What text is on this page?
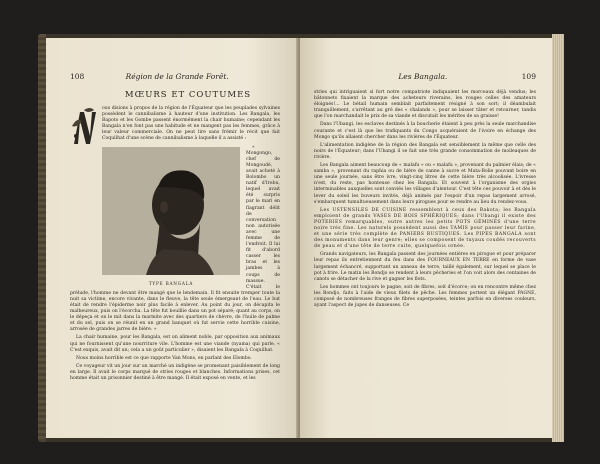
108	Région de la Grande Forêt.
MŒURS ET COUTUMES

ous disions à propos de la région de l'Équateur que les peuplades sylvaines possèdent le cannibalisme à hauteur d'une institution. Les Bangala, les Bapoto et les Gombe passent énormément la chair humaine; cependant les Bangala n'en font pas une habitude et ne mangent pas les femmes, grâce à leur valeur commerciale. On ne peut lire sans frémir le récit que fait Coquilhat d'une scène de cannibalisme à laquelle il a assisté :

TYPE BANGALA

« Mongongo, chef de Mongoudé, avait acheté à Bolombo un natif d'Irebu, lequel avait été surpris par le mari en flagrant délit de conversation non autorisée avec une femme de l'endroit. Il lui fit d'abord casser les bras et les jambes à coups de massue. C'était le prélude, l'homme ne devant être mangé que le lendemain. Il fit ensuite tremper toute la nuit sa victime, encore vivante, dans le fleuve, la tête seule émergeant de l'eau. Le but était de rendre l'épiderme noir plus facile à enlever. Au point du jour, on décapita le malheureux, puis on l'écorcha. La tête fut bouillie dans un pot séparé; quant au corps, on le dépeça et on le mit dans la marmite avec des quartiers de chèvre, de l'huile de palme et du sel, puis on se réunit en un grand banquet où fut servie cette horrible cuisine, arrosée de grandes jarres de bière. »

La chair humaine, pour les Bangala, est un aliment noble, par opposition aux animaux qui ne fournissent qu'une nourriture vile. L'homme est une viande (nyama) qui parle, « C'est exquis, avait dit un; cela a un goût particulier », disaient les Bangala à Coquilhat.

Nous moins horrible est ce que rapporte Van Mons, en parlant des Elombo.

Ce voyageur vit un jour sur un marché un indigène se promenant paisiblement de long en large. Il avait le corps marqué de stries rouges et blanches. Informations prises, cet homme était un prisonnier destiné à être mangé. Il était exposé en vente, et les

Les Bangala.	109

stries qui intriguaient si fort notre compatriote indiquaient les morceaux déjà vendus; les bâtonnets fixaient la marque des acheteurs riverains, les rouges celles des amateurs éloignés!... Le bétail humain semblait parfaitement résigné à son sort; il déambulait tranquillement, s'arrêtant au gré des « chalands », pour se laisser tâter et retourner, tandis que l'on marchandait le prix de sa viande et discutait les mérites de sa graisse!

Dans l'Ubangi, les esclaves destinés à la boucherie étaient à peu près la seule marchandise courante et c'est là que les trafiquants du Congo acquéraient de l'ivoire en échange des Mongo qu'ils allaient chercher dans les rivières de l'Équateur.

L'alimentation indigène de la région des Bangala est sensiblement la même que celle des noirs de l'Équateur; dans l'Ubangi il se fait une très grande consommation de moileaques de rivière.

Les Bangala aiment beaucoup de « malafu » ou « malafu », provenant du palmier élais; de « samba », provenant du raphia ou de bière de canne à sucre et Mata-Bolie pouvant boire en une seule journée, sans être ivre, vingt-cinq litres de cette bière très alcoolisée. L'ivresse n'est, du reste, pas honteuse chez les Bangala. Et souvent à l'organisme des orgies interminables auxquelles sont conviés les villages d'alentour. C'est tête ces pouvoir à et dès le lever du soleil les buveurs invités, déjà animés par l'espoir d'un repas largement arrosé, s'embarquent tumultueusement dans leurs pirogues pour se rendre au lieu du rendez-vous.

Les USTENSILES DE CUISINE ressemblent à ceux des Bakota; les Bangala emploient de grands VASES DE BOIS SPHÉRIQUES; dans l'Ubangi il existe des POTERIES remarquables, outre autres les petits POTS GÉMINÉS d'une terre noire très fine. Les naturels possèdent aussi des TAMIS pour passer leur farine, et une série très complète de PANIERS RUSTIQUES. Les PIPES BANGALA sont des monuments dans leur genre; elles se composent de tuyaux coudés recouverts de peau et d'une tête de terre cuite, quelquefois ornée.

Grands navigateurs, les Bangala passent des journées entières en pirogue et pour préparer leur repas ils entretiennent du feu dans des FOURNEAUX EN TERRE en forme de vase largement échancré, supportant un anneau de terre, taillé également, sur lequel se place le pot à frire. Le matin les Bondjo se rendent à leurs pêcheries et l'on voit alors des centaines de canots se détacher de la rive et gagner les flots.

Les hommes ont toujours le pagne, soit de fibres, soit d'écorce; on en rencontre même chez les Bondjo, faits à l'aide de vieux filets de pêche. Les femmes portent un élégant PAGNE, composé de nombreuses franges de fibres superposées, teintes parfois en diverses couleurs, ayant l'aspect de jupes de danseuses. Ce
